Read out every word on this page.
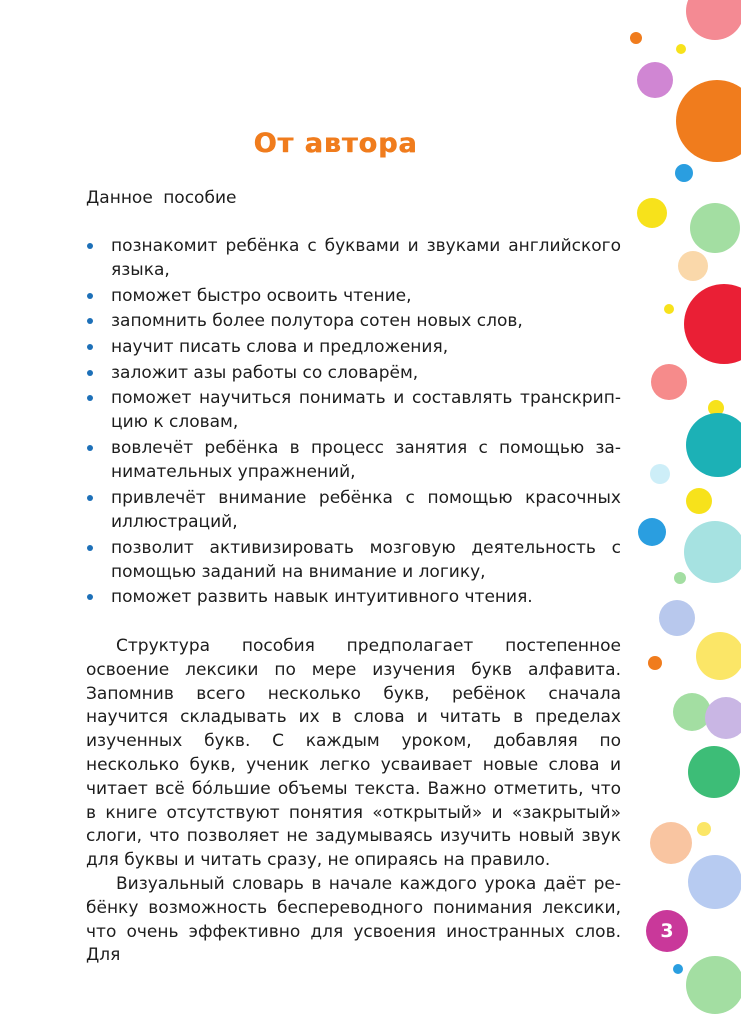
От автора
Данное пособие
познакомит ребёнка с буквами и звуками английского языка,
поможет быстро освоить чтение,
запомнить более полутора сотен новых слов,
научит писать слова и предложения,
заложит азы работы со словарём,
поможет научиться понимать и составлять транскрипцию к словам,
вовлечёт ребёнка в процесс занятия с помощью занимательных упражнений,
привлечёт внимание ребёнка с помощью красочных иллюстраций,
позволит активизировать мозговую деятельность с помощью заданий на внимание и логику,
поможет развить навык интуитивного чтения.

Структура пособия предполагает постепенное освоение лексики по мере изучения букв алфавита. Запомнив всего несколько букв, ребёнок сначала научится складывать их в слова и читать в пределах изученных букв. С каждым уроком, добавляя по несколько букв, ученик легко усваивает новые слова и читает всё бóльшие объемы текста. Важно отметить, что в книге отсутствуют понятия «открытый» и «закрытый» слоги, что позволяет не задумываясь изучить новый звук для буквы и читать сразу, не опираясь на правило.

Визуальный словарь в начале каждого урока даёт ребёнку возможность беспереводного понимания лексики, что очень эффективно для усвоения иностранных слов. Для

3
